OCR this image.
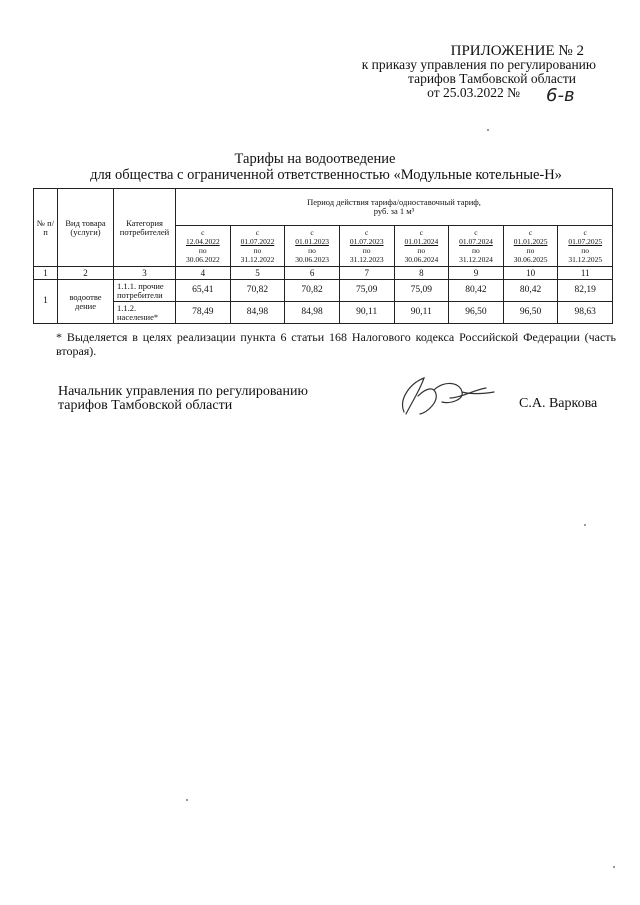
ПРИЛОЖЕНИЕ № 2
к приказу управления по регулированию
тарифов Тамбовской области
от 25.03.2022 № 6-в
Тарифы на водоотведение
для общества с ограниченной ответственностью «Модульные котельные-Н»
№ п/п	Вид товара (услуги)	Категория потребителей	Период действия тарифа/одноставочный тариф,
руб. за 1 м³							

			с
12.04.2022
по
30.06.2022	с
01.07.2022
по
31.12.2022	с
01.01.2023
по
30.06.2023	с
01.07.2023
по
31.12.2023	с
01.01.2024
по
30.06.2024	с
01.07.2024
по
31.12.2024	с
01.01.2025
по
30.06.2025	с
01.07.2025
по
31.12.2025

1	2	3	4	5	6	7	8	9	10	11
1	водоотве дение	1.1.1. прочие потребители	65,41	70,82	70,82	75,09	75,09	80,42	80,42	82,19
		1.1.2. население*	78,49	84,98	84,98	90,11	90,11	96,50	96,50	98,63
* Выделяется в целях реализации пункта 6 статьи 168 Налогового кодекса Российской Федерации (часть вторая).
Начальник управления по регулированию
тарифов Тамбовской области	С.А. Варкова
